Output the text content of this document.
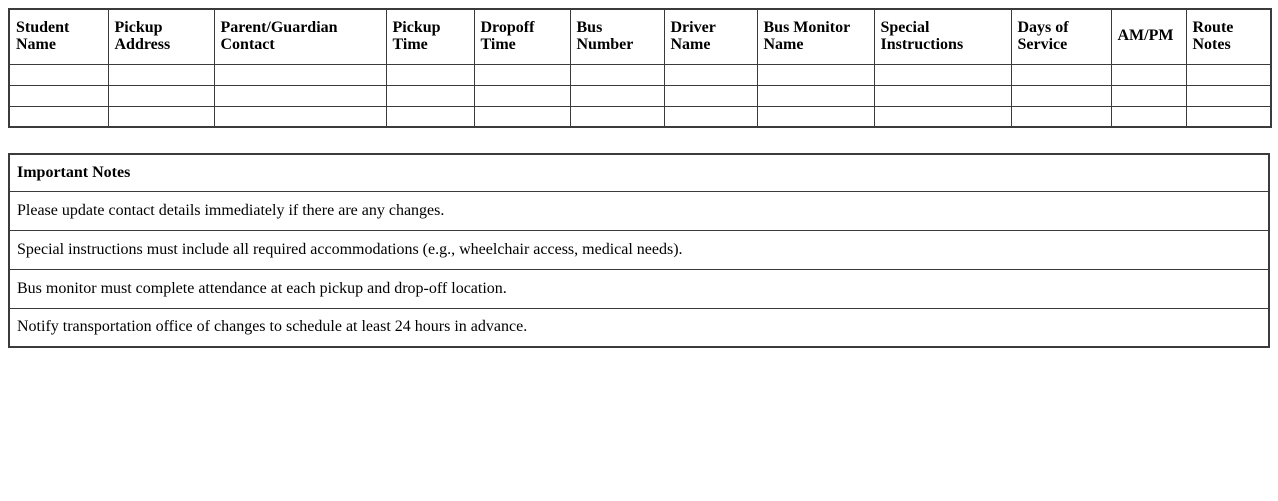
Student Name	Pickup Address	Parent/Guardian Contact	Pickup Time	Dropoff Time	Bus Number	Driver Name	Bus Monitor Name	Special Instructions	Days of Service	AM/PM	Route Notes

Important Notes
Please update contact details immediately if there are any changes.
Special instructions must include all required accommodations (e.g., wheelchair access, medical needs).
Bus monitor must complete attendance at each pickup and drop-off location.
Notify transportation office of changes to schedule at least 24 hours in advance.
